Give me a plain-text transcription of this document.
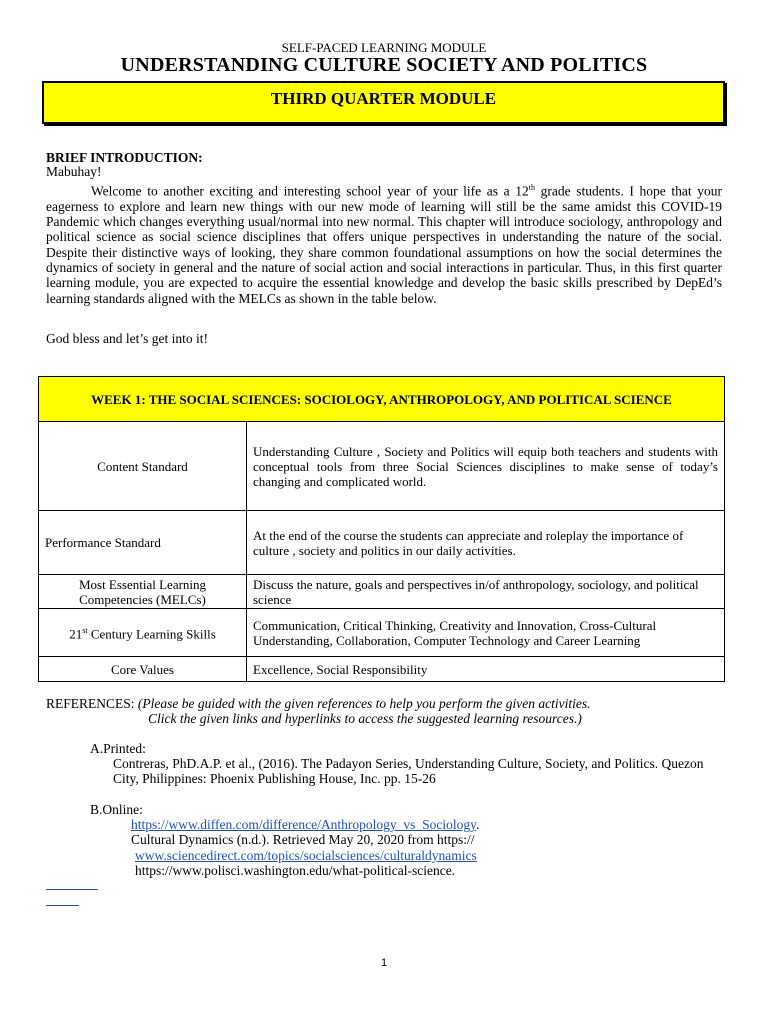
SELF-PACED LEARNING MODULE
UNDERSTANDING CULTURE SOCIETY AND POLITICS
THIRD QUARTER MODULE
BRIEF INTRODUCTION:
Mabuhay!
Welcome to another exciting and interesting school year of your life as a 12th grade students. I hope that your eagerness to explore and learn new things with our new mode of learning will still be the same amidst this COVID-19 Pandemic which changes everything usual/normal into new normal. This chapter will introduce sociology, anthropology and political science as social science disciplines that offers unique perspectives in understanding the nature of the social. Despite their distinctive ways of looking, they share common foundational assumptions on how the social determines the dynamics of society in general and the nature of social action and social interactions in particular. Thus, in this first quarter learning module, you are expected to acquire the essential knowledge and develop the basic skills prescribed by DepEd’s learning standards aligned with the MELCs as shown in the table below.
God bless and let’s get into it!
WEEK 1: THE SOCIAL SCIENCES: SOCIOLOGY, ANTHROPOLOGY, AND POLITICAL SCIENCE	
Content Standard	Understanding Culture , Society and Politics will equip both teachers and students with conceptual tools from three Social Sciences disciplines to make sense of today’s changing and complicated world.
Performance Standard	At the end of the course the students can appreciate and roleplay the importance of culture , society and politics in our daily activities.
Most Essential Learning Competencies (MELCs)	Discuss the nature, goals and perspectives in/of anthropology, sociology, and political science
21st Century Learning Skills	Communication, Critical Thinking, Creativity and Innovation, Cross-Cultural Understanding, Collaboration, Computer Technology and Career Learning
Core Values	Excellence, Social Responsibility
REFERENCES: (Please be guided with the given references to help you perform the given activities.
Click the given links and hyperlinks to access the suggested learning resources.)
A.Printed:
Contreras, PhD.A.P. et al., (2016). The Padayon Series, Understanding Culture, Society, and Politics. Quezon City, Philippines: Phoenix Publishing House, Inc. pp. 15-26
B.Online:
https://www.diffen.com/difference/Anthropology_vs_Sociology.
Cultural Dynamics (n.d.). Retrieved May 20, 2020 from https://
www.sciencedirect.com/topics/socialsciences/culturaldynamics
https://www.polisci.washington.edu/what-political-science.
1
